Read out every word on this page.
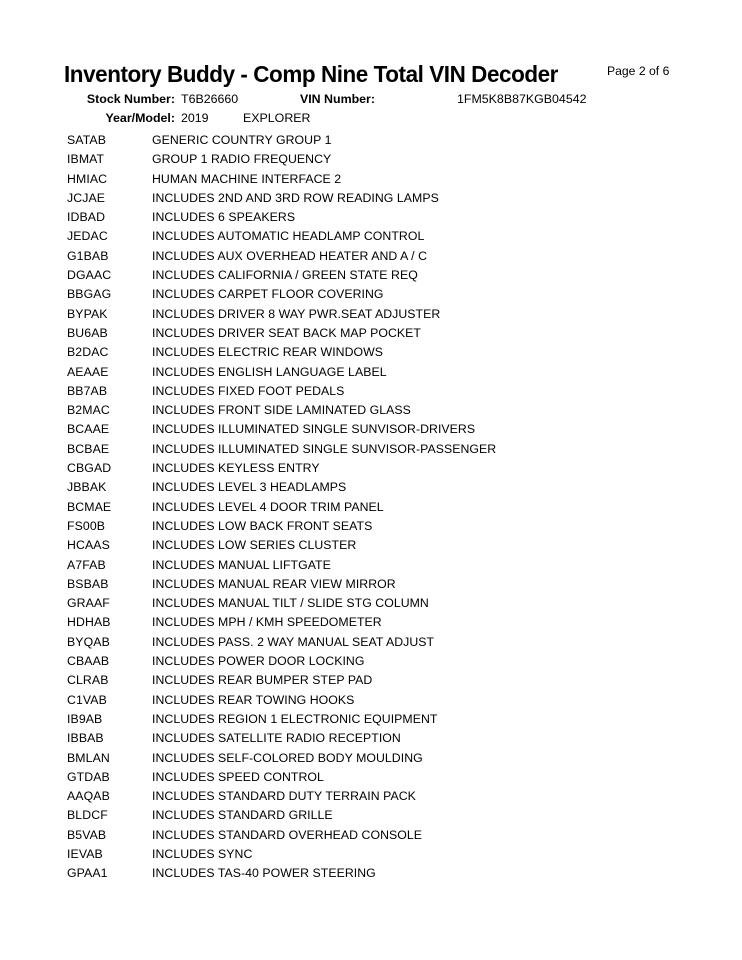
Inventory Buddy - Comp Nine Total VIN Decoder	Page 2 of 6
Stock Number: T6B26660	VIN Number:	1FM5K8B87KGB04542
Year/Model: 2019	EXPLORER
SATAB	GENERIC COUNTRY GROUP 1
IBMAT	GROUP 1 RADIO FREQUENCY
HMIAC	HUMAN MACHINE INTERFACE 2
JCJAE	INCLUDES 2ND AND 3RD ROW READING LAMPS
IDBAD	INCLUDES 6 SPEAKERS
JEDAC	INCLUDES AUTOMATIC HEADLAMP CONTROL
G1BAB	INCLUDES AUX OVERHEAD HEATER AND A / C
DGAAC	INCLUDES CALIFORNIA / GREEN STATE REQ
BBGAG	INCLUDES CARPET FLOOR COVERING
BYPAK	INCLUDES DRIVER 8 WAY PWR.SEAT ADJUSTER
BU6AB	INCLUDES DRIVER SEAT BACK MAP POCKET
B2DAC	INCLUDES ELECTRIC REAR WINDOWS
AEAAE	INCLUDES ENGLISH LANGUAGE LABEL
BB7AB	INCLUDES FIXED FOOT PEDALS
B2MAC	INCLUDES FRONT SIDE LAMINATED GLASS
BCAAE	INCLUDES ILLUMINATED SINGLE SUNVISOR-DRIVERS
BCBAE	INCLUDES ILLUMINATED SINGLE SUNVISOR-PASSENGER
CBGAD	INCLUDES KEYLESS ENTRY
JBBAK	INCLUDES LEVEL 3 HEADLAMPS
BCMAE	INCLUDES LEVEL 4 DOOR TRIM PANEL
FS00B	INCLUDES LOW BACK FRONT SEATS
HCAAS	INCLUDES LOW SERIES CLUSTER
A7FAB	INCLUDES MANUAL LIFTGATE
BSBAB	INCLUDES MANUAL REAR VIEW MIRROR
GRAAF	INCLUDES MANUAL TILT / SLIDE STG COLUMN
HDHAB	INCLUDES MPH / KMH SPEEDOMETER
BYQAB	INCLUDES PASS. 2 WAY MANUAL SEAT ADJUST
CBAAB	INCLUDES POWER DOOR LOCKING
CLRAB	INCLUDES REAR BUMPER STEP PAD
C1VAB	INCLUDES REAR TOWING HOOKS
IB9AB	INCLUDES REGION 1 ELECTRONIC EQUIPMENT
IBBAB	INCLUDES SATELLITE RADIO RECEPTION
BMLAN	INCLUDES SELF-COLORED BODY MOULDING
GTDAB	INCLUDES SPEED CONTROL
AAQAB	INCLUDES STANDARD DUTY TERRAIN PACK
BLDCF	INCLUDES STANDARD GRILLE
B5VAB	INCLUDES STANDARD OVERHEAD CONSOLE
IEVAB	INCLUDES SYNC
GPAA1	INCLUDES TAS-40 POWER STEERING
